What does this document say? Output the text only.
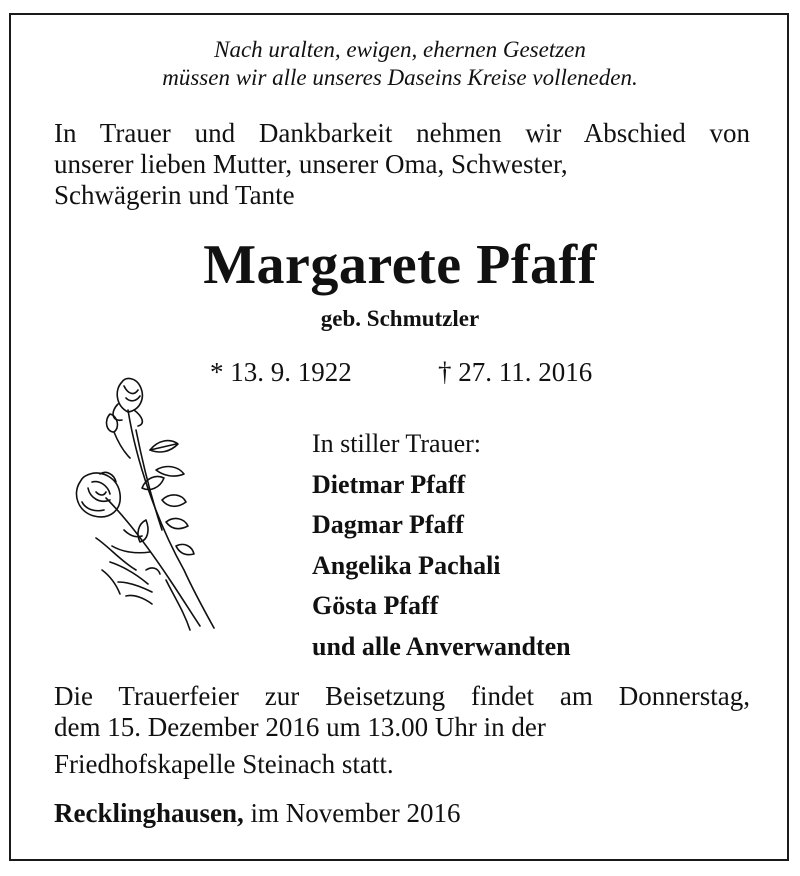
Nach uralten, ewigen, ehernen Gesetzen
müssen wir alle unseres Daseins Kreise volleneden.
In Trauer und Dankbarkeit nehmen wir Abschied von
unserer lieben Mutter, unserer Oma, Schwester,
Schwägerin und Tante
Margarete Pfaff
geb. Schmutzler
* 13. 9. 1922	† 27. 11. 2016
In stiller Trauer:
Dietmar Pfaff
Dagmar Pfaff
Angelika Pachali
Gösta Pfaff
und alle Anverwandten
Die Trauerfeier zur Beisetzung findet am Donnerstag,
dem 15. Dezember 2016 um 13.00 Uhr in der
Friedhofskapelle Steinach statt.
Recklinghausen, im November 2016
